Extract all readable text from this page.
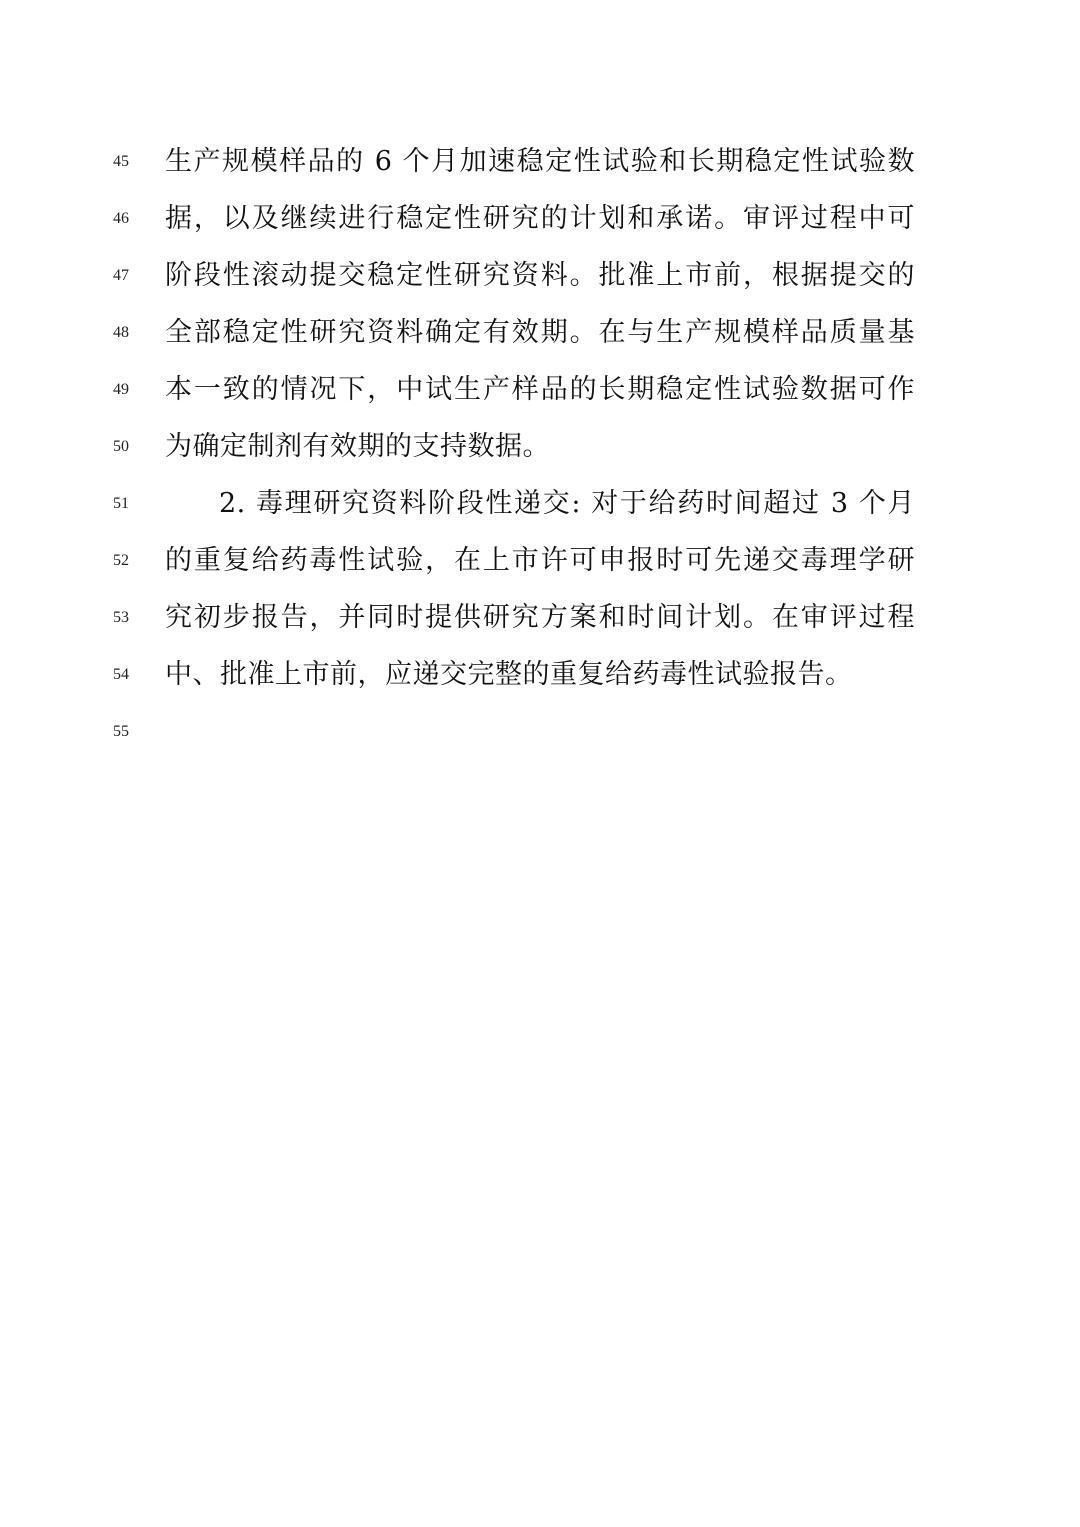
45	生产规模样品的 6 个月加速稳定性试验和长期稳定性试验数
46	据，以及继续进行稳定性研究的计划和承诺。审评过程中可
47	阶段性滚动提交稳定性研究资料。批准上市前，根据提交的
48	全部稳定性研究资料确定有效期。在与生产规模样品质量基
49	本一致的情况下，中试生产样品的长期稳定性试验数据可作
50	为确定制剂有效期的支持数据。
51	2. 毒理研究资料阶段性递交: 对于给药时间超过 3 个月
52	的重复给药毒性试验，在上市许可申报时可先递交毒理学研
53	究初步报告，并同时提供研究方案和时间计划。在审评过程
54	中、批准上市前，应递交完整的重复给药毒性试验报告。
55
